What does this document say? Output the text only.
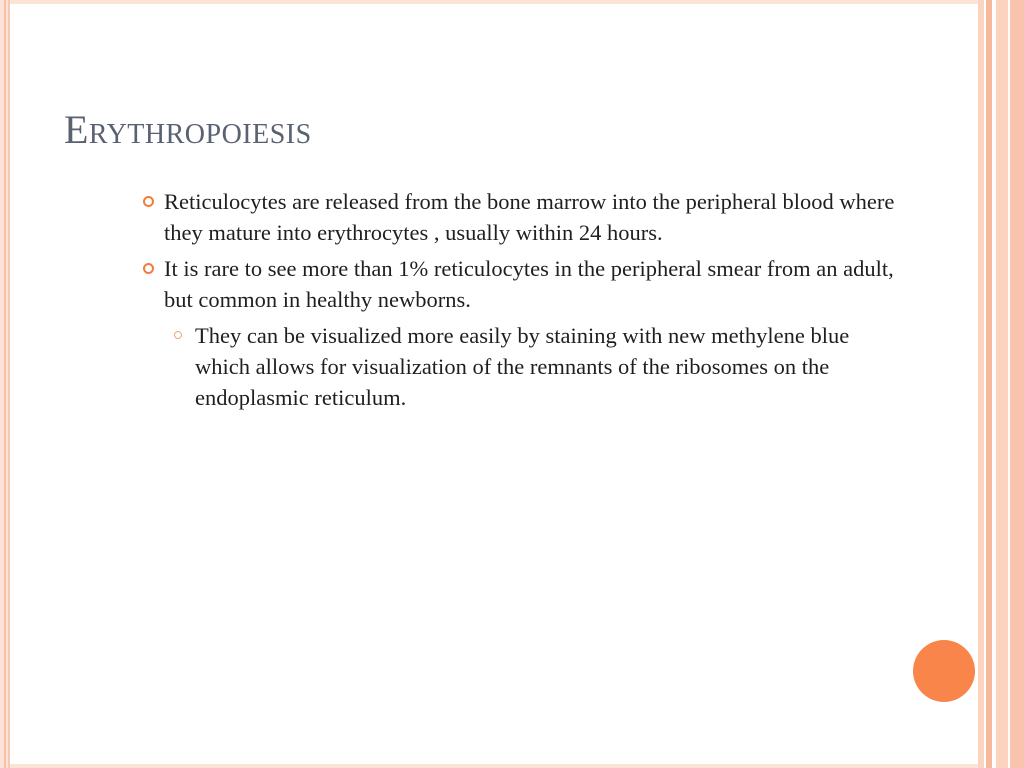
Erythropoiesis
Reticulocytes are released from the bone marrow into the peripheral blood where they mature into erythrocytes , usually within 24 hours.
It is rare to see more than 1% reticulocytes in the peripheral smear from an adult, but common in healthy newborns.
They can be visualized more easily by staining with new methylene blue which allows for visualization of the remnants of the ribosomes on the endoplasmic reticulum.
